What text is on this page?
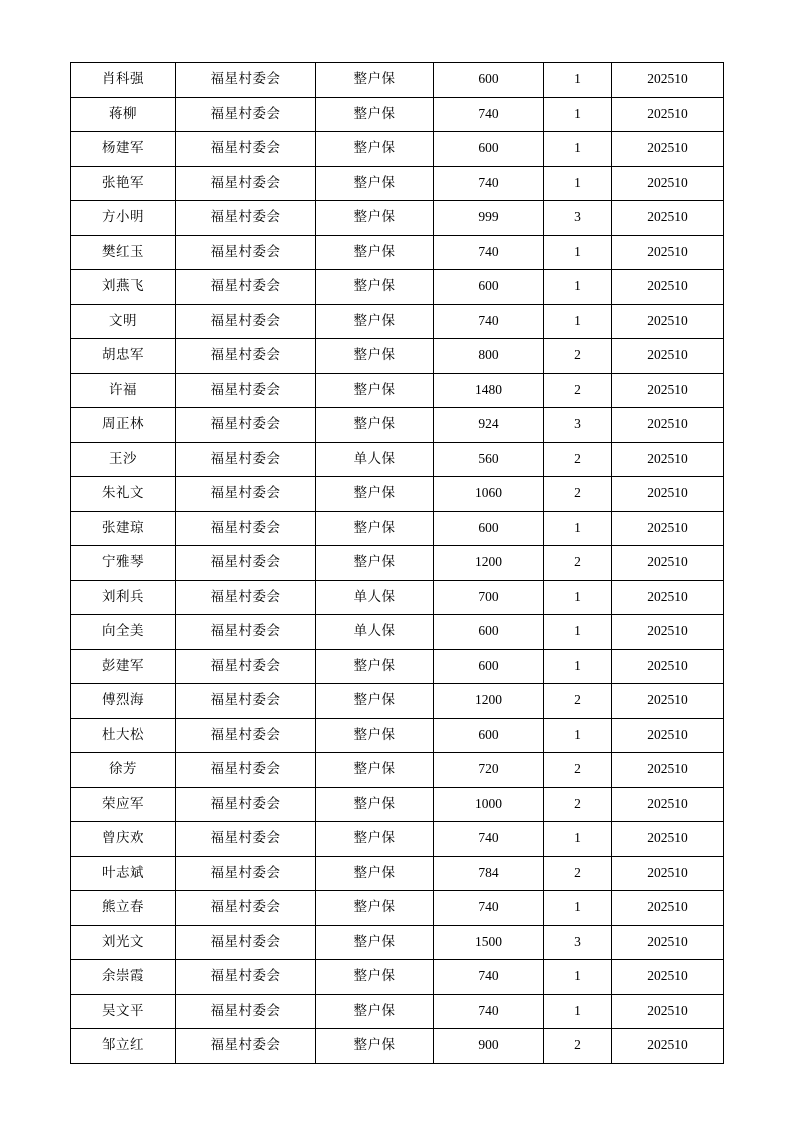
肖科强	福星村委会	整户保	600	1	202510
蒋柳	福星村委会	整户保	740	1	202510
杨建军	福星村委会	整户保	600	1	202510
张艳军	福星村委会	整户保	740	1	202510
方小明	福星村委会	整户保	999	3	202510
樊红玉	福星村委会	整户保	740	1	202510
刘燕飞	福星村委会	整户保	600	1	202510
文明	福星村委会	整户保	740	1	202510
胡忠军	福星村委会	整户保	800	2	202510
许福	福星村委会	整户保	1480	2	202510
周正林	福星村委会	整户保	924	3	202510
王沙	福星村委会	单人保	560	2	202510
朱礼文	福星村委会	整户保	1060	2	202510
张建琼	福星村委会	整户保	600	1	202510
宁雅琴	福星村委会	整户保	1200	2	202510
刘利兵	福星村委会	单人保	700	1	202510
向全美	福星村委会	单人保	600	1	202510
彭建军	福星村委会	整户保	600	1	202510
傅烈海	福星村委会	整户保	1200	2	202510
杜大松	福星村委会	整户保	600	1	202510
徐芳	福星村委会	整户保	720	2	202510
荣应军	福星村委会	整户保	1000	2	202510
曾庆欢	福星村委会	整户保	740	1	202510
叶志斌	福星村委会	整户保	784	2	202510
熊立春	福星村委会	整户保	740	1	202510
刘光文	福星村委会	整户保	1500	3	202510
余崇霞	福星村委会	整户保	740	1	202510
吴文平	福星村委会	整户保	740	1	202510
邹立红	福星村委会	整户保	900	2	202510
